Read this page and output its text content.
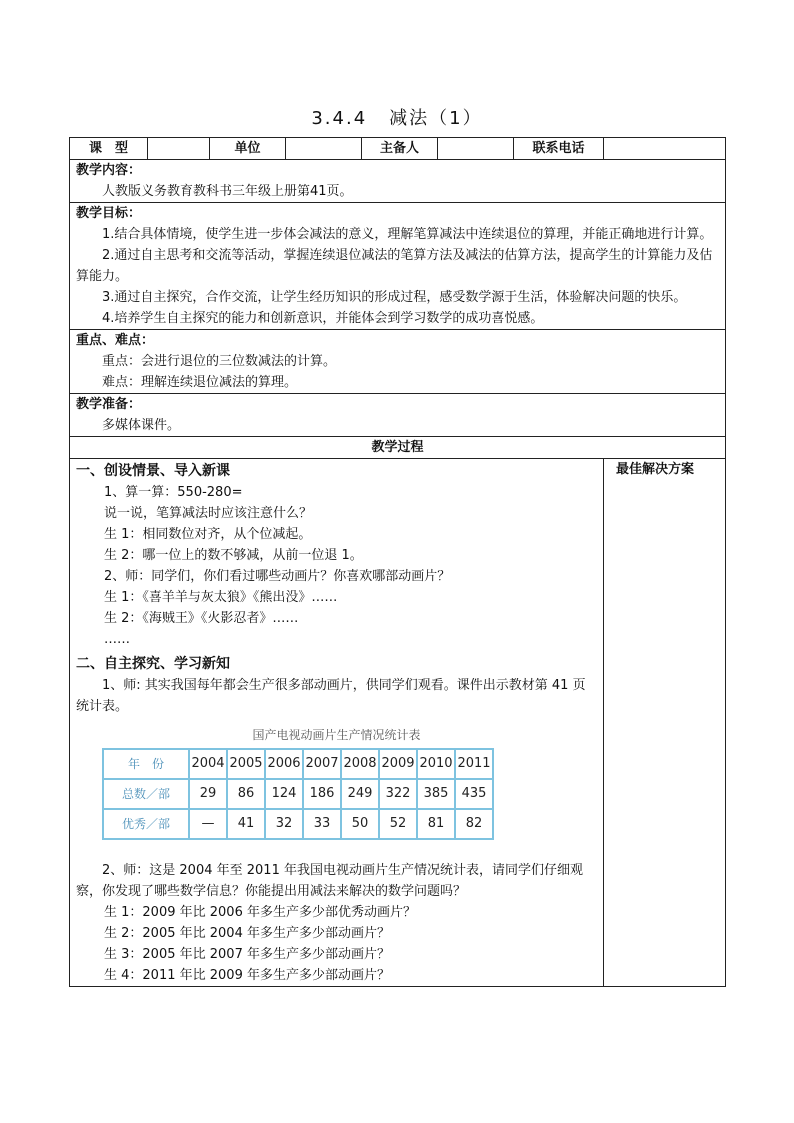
3.4.4 减法（1）
课　型		单位		主备人		联系电话	

教学内容：
人教版义务教育教科书三年级上册第41页。

教学目标：
1.结合具体情境，使学生进一步体会减法的意义，理解笔算减法中连续退位的算理，并能正确地进行计算。
2.通过自主思考和交流等活动，掌握连续退位减法的笔算方法及减法的估算方法，提高学生的计算能力及估算能力。
3.通过自主探究，合作交流，让学生经历知识的形成过程，感受数学源于生活，体验解决问题的快乐。
4.培养学生自主探究的能力和创新意识，并能体会到学习数学的成功喜悦感。

重点、难点：
重点：会进行退位的三位数减法的计算。
难点：理解连续退位减法的算理。

教学准备：
多媒体课件。

教学过程

一、创设情景、导入新课
1、算一算：550-280=
说一说，笔算减法时应该注意什么？
生 1：相同数位对齐，从个位减起。
生 2：哪一位上的数不够减，从前一位退 1。
2、师：同学们，你们看过哪些动画片？你喜欢哪部动画片？
生 1：《喜羊羊与灰太狼》《熊出没》……
生 2：《海贼王》《火影忍者》……
……
二、自主探究、学习新知
1、师: 其实我国每年都会生产很多部动画片，供同学们观看。课件出示教材第 41 页统计表。
国产电视动画片生产情况统计表
年　份	2004	2005	2006	2007	2008	2009	2010	2011
总数／部	29	86	124	186	249	322	385	435
优秀／部	—	41	32	33	50	52	81	82
2、师：这是 2004 年至 2011 年我国电视动画片生产情况统计表，请同学们仔细观察，你发现了哪些数学信息？你能提出用减法来解决的数学问题吗？
生 1：2009 年比 2006 年多生产多少部优秀动画片？
生 2：2005 年比 2004 年多生产多少部动画片？
生 3：2005 年比 2007 年多生产多少部动画片？
生 4：2011 年比 2009 年多生产多少部动画片？

最佳解决方案
